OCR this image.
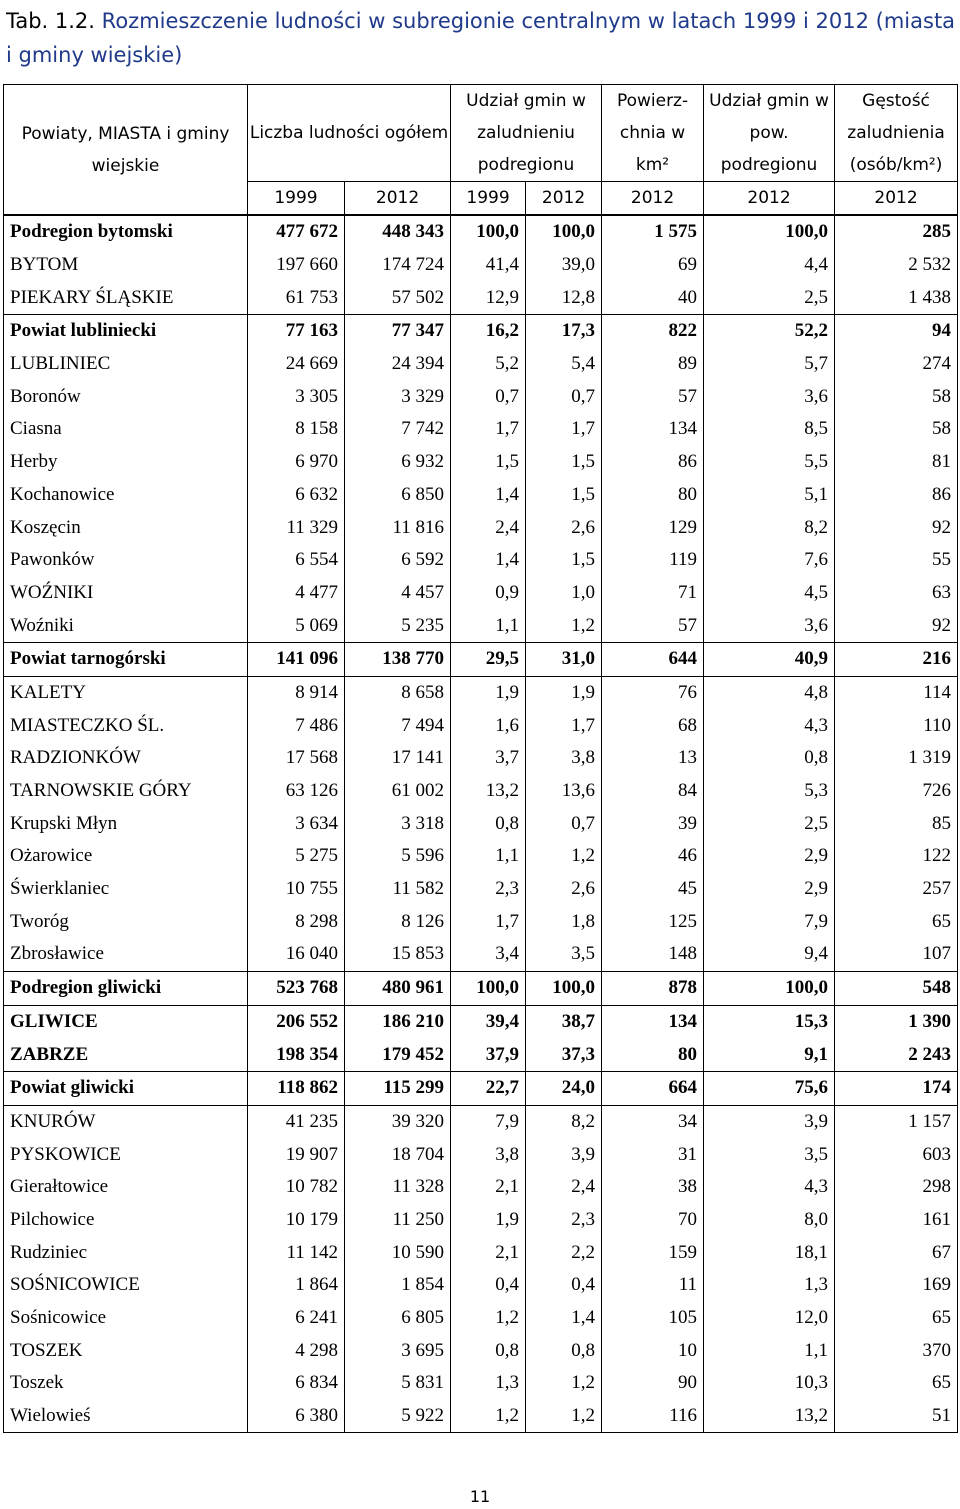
Tab. 1.2. Rozmieszczenie ludności w subregionie centralnym w latach 1999 i 2012 (miasta i gminy wiejskie)
Powiaty, MIASTA i gminy wiejskie	Liczba ludności ogółem		Udział gmin w zaludnieniu podregionu		Powierz- chnia w km²	Udział gmin w pow. podregionu	Gęstość zaludnienia (osób/km²)
	1999	2012	1999	2012	2012	2012	2012
Podregion bytomski	477 672	448 343	100,0	100,0	1 575	100,0	285
BYTOM	197 660	174 724	41,4	39,0	69	4,4	2 532
PIEKARY ŚLĄSKIE	61 753	57 502	12,9	12,8	40	2,5	1 438
Powiat lubliniecki	77 163	77 347	16,2	17,3	822	52,2	94
LUBLINIEC	24 669	24 394	5,2	5,4	89	5,7	274
Boronów	3 305	3 329	0,7	0,7	57	3,6	58
Ciasna	8 158	7 742	1,7	1,7	134	8,5	58
Herby	6 970	6 932	1,5	1,5	86	5,5	81
Kochanowice	6 632	6 850	1,4	1,5	80	5,1	86
Koszęcin	11 329	11 816	2,4	2,6	129	8,2	92
Pawonków	6 554	6 592	1,4	1,5	119	7,6	55
WOŹNIKI	4 477	4 457	0,9	1,0	71	4,5	63
Woźniki	5 069	5 235	1,1	1,2	57	3,6	92
Powiat tarnogórski	141 096	138 770	29,5	31,0	644	40,9	216
KALETY	8 914	8 658	1,9	1,9	76	4,8	114
MIASTECZKO ŚL.	7 486	7 494	1,6	1,7	68	4,3	110
RADZIONKÓW	17 568	17 141	3,7	3,8	13	0,8	1 319
TARNOWSKIE GÓRY	63 126	61 002	13,2	13,6	84	5,3	726
Krupski Młyn	3 634	3 318	0,8	0,7	39	2,5	85
Ożarowice	5 275	5 596	1,1	1,2	46	2,9	122
Świerklaniec	10 755	11 582	2,3	2,6	45	2,9	257
Tworóg	8 298	8 126	1,7	1,8	125	7,9	65
Zbrosławice	16 040	15 853	3,4	3,5	148	9,4	107
Podregion gliwicki	523 768	480 961	100,0	100,0	878	100,0	548
GLIWICE	206 552	186 210	39,4	38,7	134	15,3	1 390
ZABRZE	198 354	179 452	37,9	37,3	80	9,1	2 243
Powiat gliwicki	118 862	115 299	22,7	24,0	664	75,6	174
KNURÓW	41 235	39 320	7,9	8,2	34	3,9	1 157
PYSKOWICE	19 907	18 704	3,8	3,9	31	3,5	603
Gierałtowice	10 782	11 328	2,1	2,4	38	4,3	298
Pilchowice	10 179	11 250	1,9	2,3	70	8,0	161
Rudziniec	11 142	10 590	2,1	2,2	159	18,1	67
SOŚNICOWICE	1 864	1 854	0,4	0,4	11	1,3	169
Sośnicowice	6 241	6 805	1,2	1,4	105	12,0	65
TOSZEK	4 298	3 695	0,8	0,8	10	1,1	370
Toszek	6 834	5 831	1,3	1,2	90	10,3	65
Wielowieś	6 380	5 922	1,2	1,2	116	13,2	51
11
